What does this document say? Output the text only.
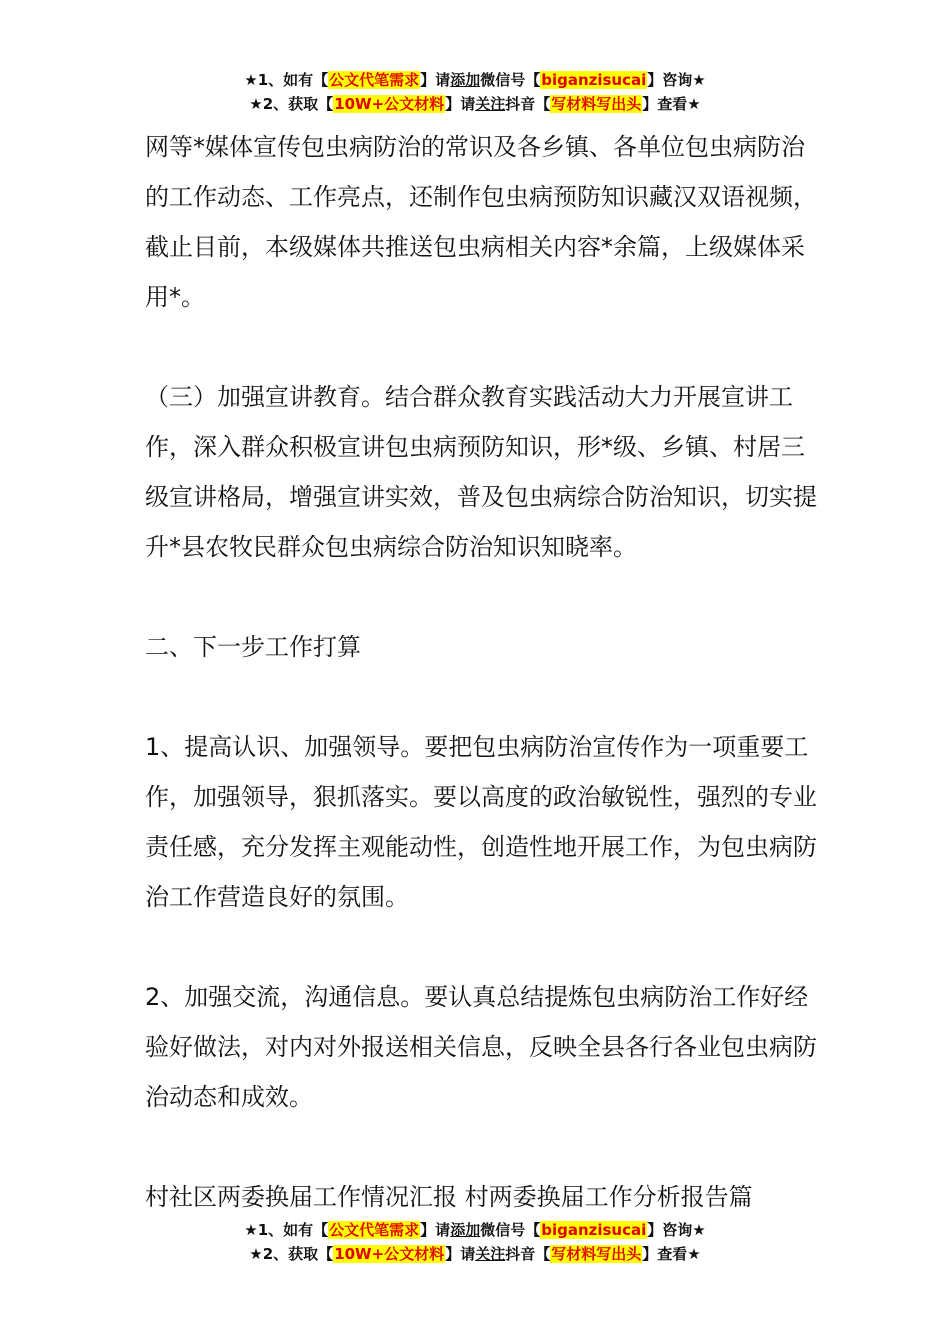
★1、如有【公文代笔需求】请添加微信号【biganzisucai】咨询★
★2、获取【10W+公文材料】请关注抖音【写材料写出头】查看★

网等*媒体宣传包虫病防治的常识及各乡镇、各单位包虫病防治的工作动态、工作亮点，还制作包虫病预防知识藏汉双语视频，截止目前，本级媒体共推送包虫病相关内容*余篇，上级媒体采用*。

（三）加强宣讲教育。结合群众教育实践活动大力开展宣讲工作，深入群众积极宣讲包虫病预防知识，形*级、乡镇、村居三级宣讲格局，增强宣讲实效，普及包虫病综合防治知识，切实提升*县农牧民群众包虫病综合防治知识知晓率。

二、下一步工作打算

1、提高认识、加强领导。要把包虫病防治宣传作为一项重要工作，加强领导，狠抓落实。要以高度的政治敏锐性，强烈的专业责任感，充分发挥主观能动性，创造性地开展工作，为包虫病防治工作营造良好的氛围。

2、加强交流，沟通信息。要认真总结提炼包虫病防治工作好经验好做法，对内对外报送相关信息，反映全县各行各业包虫病防治动态和成效。

村社区两委换届工作情况汇报 村两委换届工作分析报告篇

★1、如有【公文代笔需求】请添加微信号【biganzisucai】咨询★
★2、获取【10W+公文材料】请关注抖音【写材料写出头】查看★
